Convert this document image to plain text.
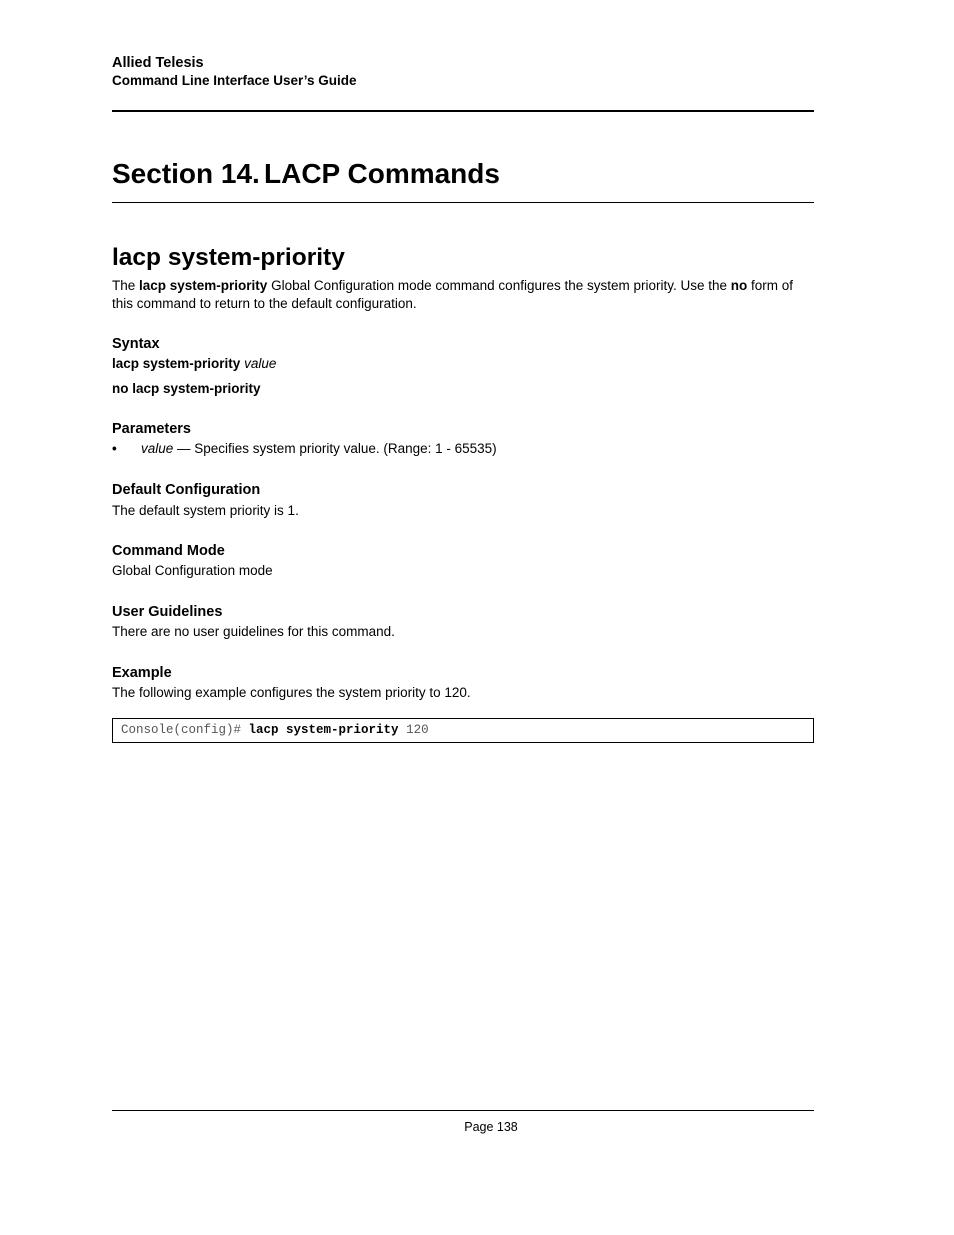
Allied Telesis
Command Line Interface User’s Guide
Section 14. LACP Commands
lacp system-priority
The lacp system-priority Global Configuration mode command configures the system priority. Use the no form of this command to return to the default configuration.
Syntax
lacp system-priority value
no lacp system-priority
Parameters
• value — Specifies system priority value. (Range: 1 - 65535)
Default Configuration
The default system priority is 1.
Command Mode
Global Configuration mode
User Guidelines
There are no user guidelines for this command.
Example
The following example configures the system priority to 120.
Console(config)# lacp system-priority 120
Page 138
